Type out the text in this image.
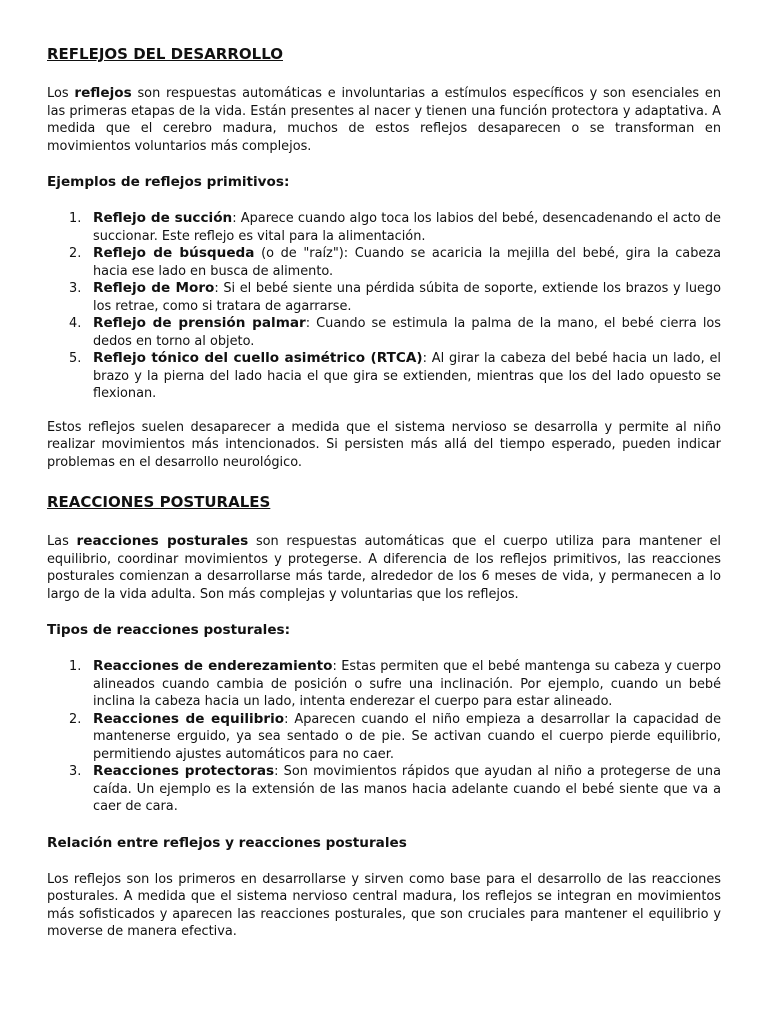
REFLEJOS DEL DESARROLLO

Los reflejos son respuestas automáticas e involuntarias a estímulos específicos y son esenciales en las primeras etapas de la vida. Están presentes al nacer y tienen una función protectora y adaptativa. A medida que el cerebro madura, muchos de estos reflejos desaparecen o se transforman en movimientos voluntarios más complejos.

Ejemplos de reflejos primitivos:
1. Reflejo de succión: Aparece cuando algo toca los labios del bebé, desencadenando el acto de succionar. Este reflejo es vital para la alimentación.
2. Reflejo de búsqueda (o de "raíz"): Cuando se acaricia la mejilla del bebé, gira la cabeza hacia ese lado en busca de alimento.
3. Reflejo de Moro: Si el bebé siente una pérdida súbita de soporte, extiende los brazos y luego los retrae, como si tratara de agarrarse.
4. Reflejo de prensión palmar: Cuando se estimula la palma de la mano, el bebé cierra los dedos en torno al objeto.
5. Reflejo tónico del cuello asimétrico (RTCA): Al girar la cabeza del bebé hacia un lado, el brazo y la pierna del lado hacia el que gira se extienden, mientras que los del lado opuesto se flexionan.

Estos reflejos suelen desaparecer a medida que el sistema nervioso se desarrolla y permite al niño realizar movimientos más intencionados. Si persisten más allá del tiempo esperado, pueden indicar problemas en el desarrollo neurológico.

REACCIONES POSTURALES

Las reacciones posturales son respuestas automáticas que el cuerpo utiliza para mantener el equilibrio, coordinar movimientos y protegerse. A diferencia de los reflejos primitivos, las reacciones posturales comienzan a desarrollarse más tarde, alrededor de los 6 meses de vida, y permanecen a lo largo de la vida adulta. Son más complejas y voluntarias que los reflejos.

Tipos de reacciones posturales:
1. Reacciones de enderezamiento: Estas permiten que el bebé mantenga su cabeza y cuerpo alineados cuando cambia de posición o sufre una inclinación. Por ejemplo, cuando un bebé inclina la cabeza hacia un lado, intenta enderezar el cuerpo para estar alineado.
2. Reacciones de equilibrio: Aparecen cuando el niño empieza a desarrollar la capacidad de mantenerse erguido, ya sea sentado o de pie. Se activan cuando el cuerpo pierde equilibrio, permitiendo ajustes automáticos para no caer.
3. Reacciones protectoras: Son movimientos rápidos que ayudan al niño a protegerse de una caída. Un ejemplo es la extensión de las manos hacia adelante cuando el bebé siente que va a caer de cara.
Relación entre reflejos y reacciones posturales

Los reflejos son los primeros en desarrollarse y sirven como base para el desarrollo de las reacciones posturales. A medida que el sistema nervioso central madura, los reflejos se integran en movimientos más sofisticados y aparecen las reacciones posturales, que son cruciales para mantener el equilibrio y moverse de manera efectiva.
